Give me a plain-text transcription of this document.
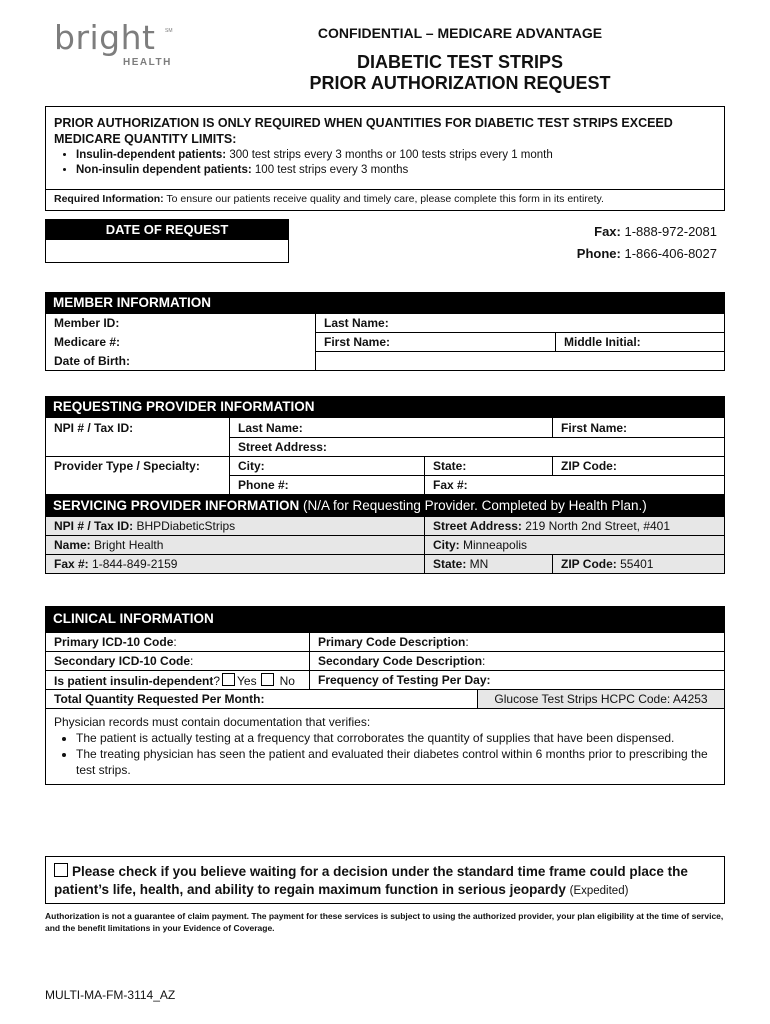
bright SM
HEALTH
CONFIDENTIAL – MEDICARE ADVANTAGE
DIABETIC TEST STRIPS
PRIOR AUTHORIZATION REQUEST
PRIOR AUTHORIZATION IS ONLY REQUIRED WHEN QUANTITIES FOR DIABETIC TEST STRIPS EXCEED MEDICARE QUANTITY LIMITS:
• Insulin-dependent patients: 300 test strips every 3 months or 100 tests strips every 1 month
• Non-insulin dependent patients: 100 test strips every 3 months
Required Information: To ensure our patients receive quality and timely care, please complete this form in its entirety.
DATE OF REQUEST	Fax: 1-888-972-2081
Phone: 1-866-406-8027
MEMBER INFORMATION
Member ID:	Last Name:	
Medicare #:	First Name:	Middle Initial:
Date of Birth:		
REQUESTING PROVIDER INFORMATION
NPI # / Tax ID:	Last Name:		First Name:
	Street Address:		
Provider Type / Specialty:	City:	State:	ZIP Code:
	Phone #:	Fax #:	
SERVICING PROVIDER INFORMATION (N/A for Requesting Provider. Completed by Health Plan.)
NPI # / Tax ID: BHPDiabeticStrips	Street Address: 219 North 2nd Street, #401	
Name: Bright Health	City: Minneapolis	
Fax #: 1-844-849-2159	State: MN	ZIP Code: 55401
CLINICAL INFORMATION
Primary ICD-10 Code:	Primary Code Description:	
Secondary ICD-10 Code:	Secondary Code Description:	
Is patient insulin-dependent? Yes No	Frequency of Testing Per Day:	
Total Quantity Requested Per Month:		Glucose Test Strips HCPC Code: A4253
Physician records must contain documentation that verifies:
• The patient is actually testing at a frequency that corroborates the quantity of supplies that have been dispensed.
• The treating physician has seen the patient and evaluated their diabetes control within 6 months prior to prescribing the test strips.
Please check if you believe waiting for a decision under the standard time frame could place the patient’s life, health, and ability to regain maximum function in serious jeopardy (Expedited)
Authorization is not a guarantee of claim payment. The payment for these services is subject to using the authorized provider, your plan eligibility at the time of service, and the benefit limitations in your Evidence of Coverage.
MULTI-MA-FM-3114_AZ
